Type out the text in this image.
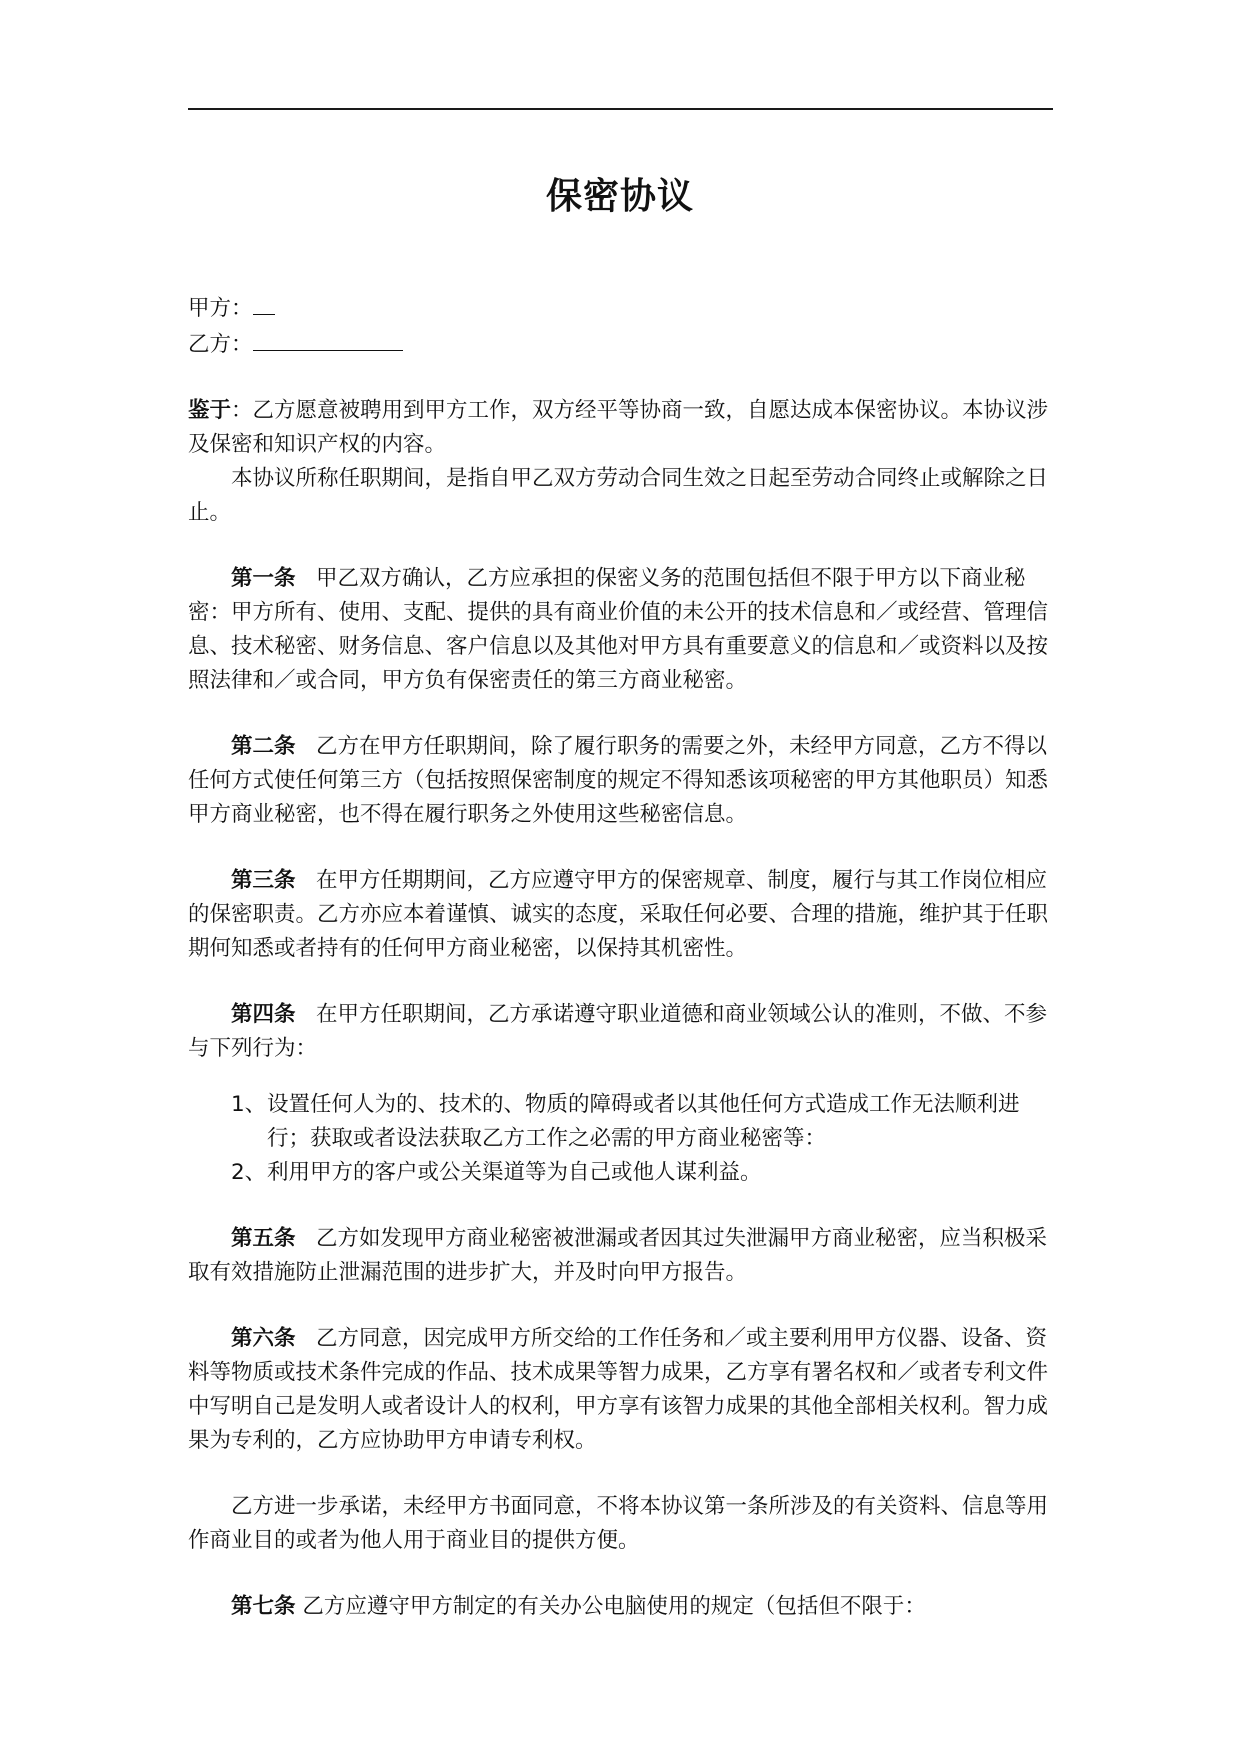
保密协议

甲方：

乙方：

鉴于：乙方愿意被聘用到甲方工作，双方经平等协商一致，自愿达成本保密协议。本协议涉及保密和知识产权的内容。

本协议所称任职期间，是指自甲乙双方劳动合同生效之日起至劳动合同终止或解除之日止。

第一条 甲乙双方确认，乙方应承担的保密义务的范围包括但不限于甲方以下商业秘密：甲方所有、使用、支配、提供的具有商业价值的未公开的技术信息和／或经营、管理信息、技术秘密、财务信息、客户信息以及其他对甲方具有重要意义的信息和／或资料以及按照法律和／或合同，甲方负有保密责任的第三方商业秘密。

第二条 乙方在甲方任职期间，除了履行职务的需要之外，未经甲方同意，乙方不得以任何方式使任何第三方（包括按照保密制度的规定不得知悉该项秘密的甲方其他职员）知悉甲方商业秘密，也不得在履行职务之外使用这些秘密信息。

第三条 在甲方任期期间，乙方应遵守甲方的保密规章、制度，履行与其工作岗位相应的保密职责。乙方亦应本着谨慎、诚实的态度，采取任何必要、合理的措施，维护其于任职期何知悉或者持有的任何甲方商业秘密，以保持其机密性。

第四条 在甲方任职期间，乙方承诺遵守职业道德和商业领域公认的准则，不做、不参与下列行为：

1、设置任何人为的、技术的、物质的障碍或者以其他任何方式造成工作无法顺利进行；获取或者设法获取乙方工作之必需的甲方商业秘密等：
2、利用甲方的客户或公关渠道等为自己或他人谋利益。

第五条 乙方如发现甲方商业秘密被泄漏或者因其过失泄漏甲方商业秘密，应当积极采取有效措施防止泄漏范围的进步扩大，并及时向甲方报告。

第六条 乙方同意，因完成甲方所交给的工作任务和／或主要利用甲方仪器、设备、资料等物质或技术条件完成的作品、技术成果等智力成果，乙方享有署名权和／或者专利文件中写明自己是发明人或者设计人的权利，甲方享有该智力成果的其他全部相关权利。智力成果为专利的，乙方应协助甲方申请专利权。

乙方进一步承诺，未经甲方书面同意，不将本协议第一条所涉及的有关资料、信息等用作商业目的或者为他人用于商业目的提供方便。

第七条 乙方应遵守甲方制定的有关办公电脑使用的规定（包括但不限于：
